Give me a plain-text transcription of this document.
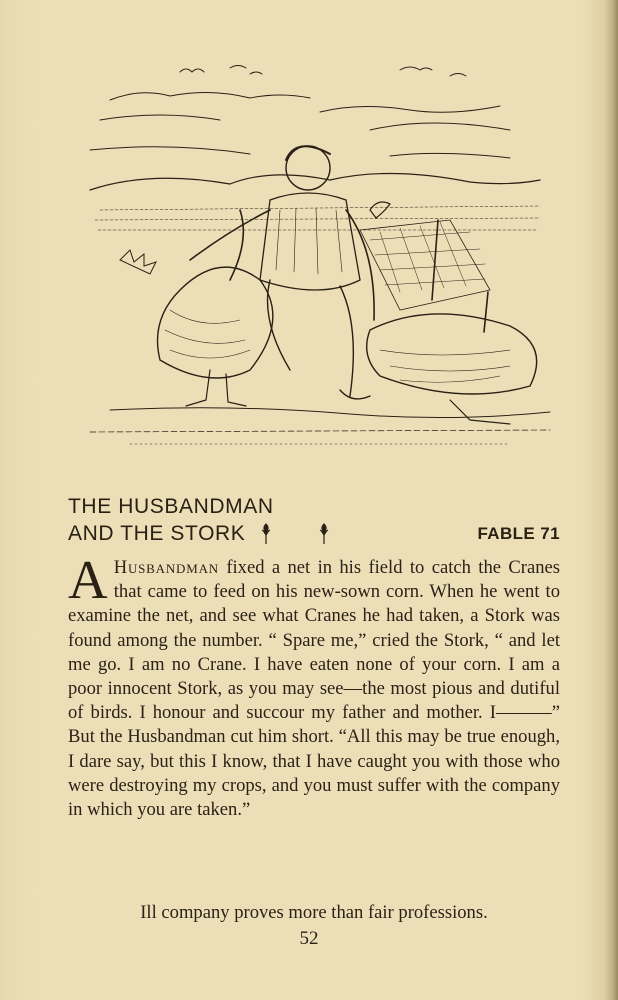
THE HUSBANDMAN
AND THE STORK	FABLE 71
A Husbandman fixed a net in his field to catch the Cranes that came to feed on his new-sown corn. When he went to examine the net, and see what Cranes he had taken, a Stork was found among the number. “ Spare me,” cried the Stork, “ and let me go. I am no Crane. I have eaten none of your corn. I am a poor innocent Stork, as you may see—the most pious and dutiful of birds. I honour and succour my father and mother. I———” But the Husbandman cut him short. “All this may be true enough, I dare say, but this I know, that I have caught you with those who were destroying my crops, and you must suffer with the company in which you are taken.”
Ill company proves more than fair professions.
52
